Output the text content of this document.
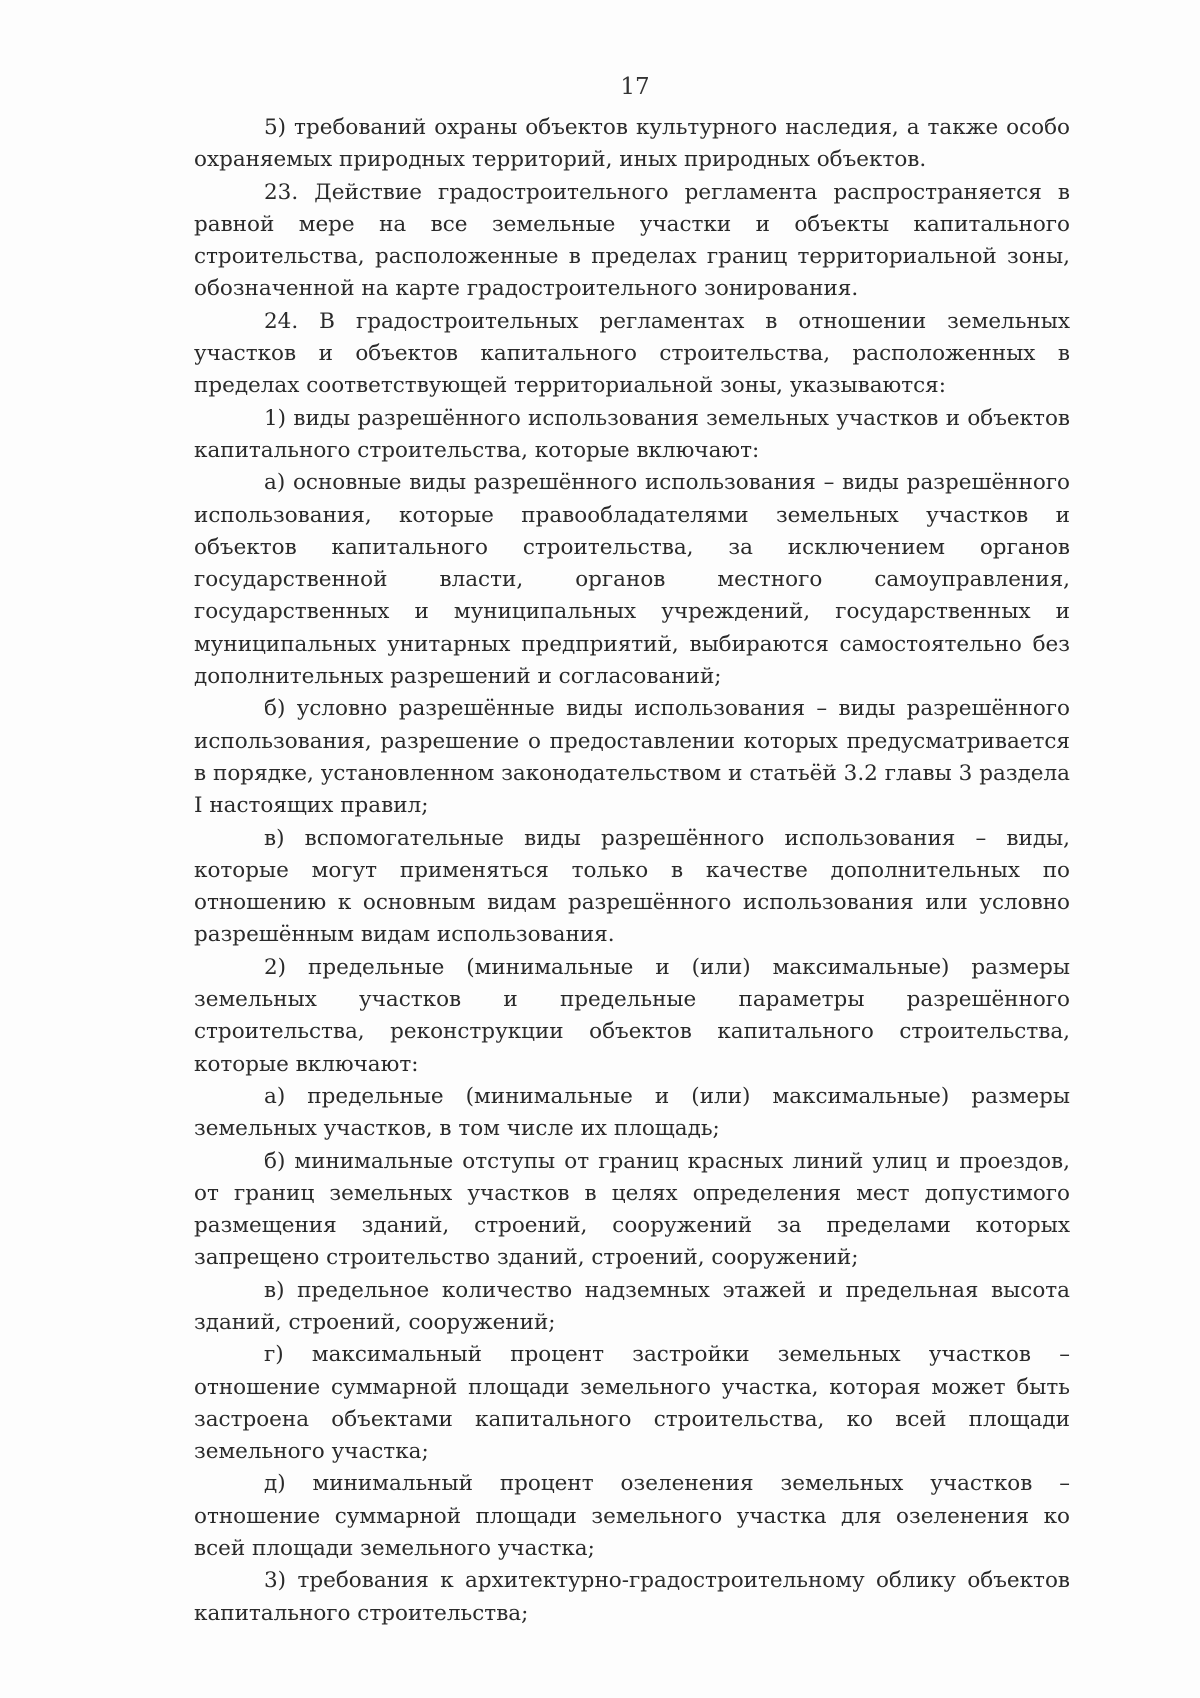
17

5) требований охраны объектов культурного наследия, а также особо охраняемых природных территорий, иных природных объектов.

23. Действие градостроительного регламента распространяется в равной мере на все земельные участки и объекты капитального строительства, расположенные в пределах границ территориальной зоны, обозначенной на карте градостроительного зонирования.

24. В градостроительных регламентах в отношении земельных участков и объектов капитального строительства, расположенных в пределах соответствующей территориальной зоны, указываются:

1) виды разрешённого использования земельных участков и объектов капитального строительства, которые включают:

а) основные виды разрешённого использования – виды разрешённого использования, которые правообладателями земельных участков и объектов капитального строительства, за исключением органов государственной власти, органов местного самоуправления, государственных и муниципальных учреждений, государственных и муниципальных унитарных предприятий, выбираются самостоятельно без дополнительных разрешений и согласований;

б) условно разрешённые виды использования – виды разрешённого использования, разрешение о предоставлении которых предусматривается в порядке, установленном законодательством и статьёй 3.2 главы 3 раздела I настоящих правил;

в) вспомогательные виды разрешённого использования – виды, которые могут применяться только в качестве дополнительных по отношению к основным видам разрешённого использования или условно разрешённым видам использования.

2) предельные (минимальные и (или) максимальные) размеры земельных участков и предельные параметры разрешённого строительства, реконструкции объектов капитального строительства, которые включают:

а) предельные (минимальные и (или) максимальные) размеры земельных участков, в том числе их площадь;

б) минимальные отступы от границ красных линий улиц и проездов, от границ земельных участков в целях определения мест допустимого размещения зданий, строений, сооружений за пределами которых запрещено строительство зданий, строений, сооружений;

в) предельное количество надземных этажей и предельная высота зданий, строений, сооружений;

г) максимальный процент застройки земельных участков – отношение суммарной площади земельного участка, которая может быть застроена объектами капитального строительства, ко всей площади земельного участка;

д) минимальный процент озеленения земельных участков – отношение суммарной площади земельного участка для озеленения ко всей площади земельного участка;

3) требования к архитектурно-градостроительному облику объектов капитального строительства;
